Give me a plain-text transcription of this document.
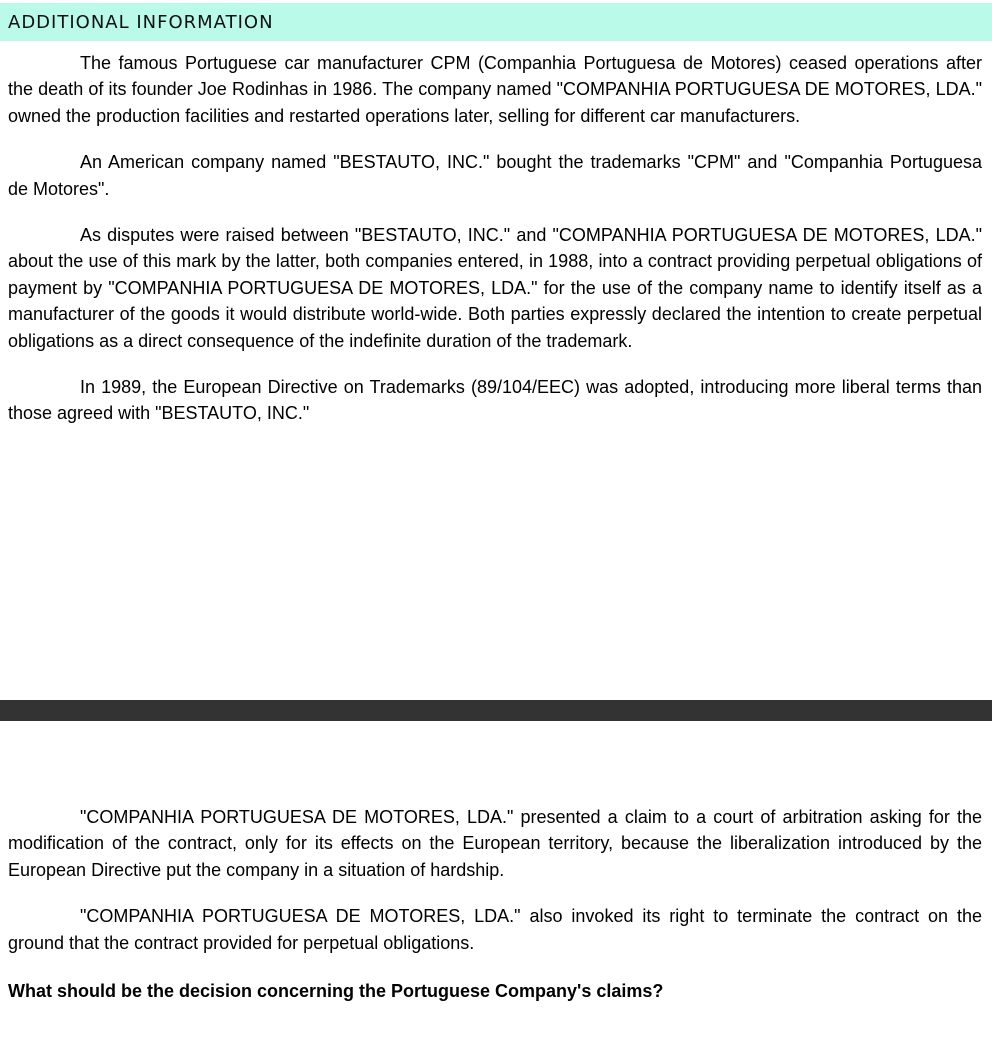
ADDITIONAL INFORMATION

The famous Portuguese car manufacturer CPM (Companhia Portuguesa de Motores) ceased operations after the death of its founder Joe Rodinhas in 1986. The company named "COMPANHIA PORTUGUESA DE MOTORES, LDA." owned the production facilities and restarted operations later, selling for different car manufacturers.

An American company named "BESTAUTO, INC." bought the trademarks "CPM" and "Companhia Portuguesa de Motores".

As disputes were raised between "BESTAUTO, INC." and "COMPANHIA PORTUGUESA DE MOTORES, LDA." about the use of this mark by the latter, both companies entered, in 1988, into a contract providing perpetual obligations of payment by "COMPANHIA PORTUGUESA DE MOTORES, LDA." for the use of the company name to identify itself as a manufacturer of the goods it would distribute world-wide. Both parties expressly declared the intention to create perpetual obligations as a direct consequence of the indefinite duration of the trademark.

In 1989, the European Directive on Trademarks (89/104/EEC) was adopted, introducing more liberal terms than those agreed with "BESTAUTO, INC."

"COMPANHIA PORTUGUESA DE MOTORES, LDA." presented a claim to a court of arbitration asking for the modification of the contract, only for its effects on the European territory, because the liberalization introduced by the European Directive put the company in a situation of hardship.

"COMPANHIA PORTUGUESA DE MOTORES, LDA." also invoked its right to terminate the contract on the ground that the contract provided for perpetual obligations.

What should be the decision concerning the Portuguese Company's claims?
